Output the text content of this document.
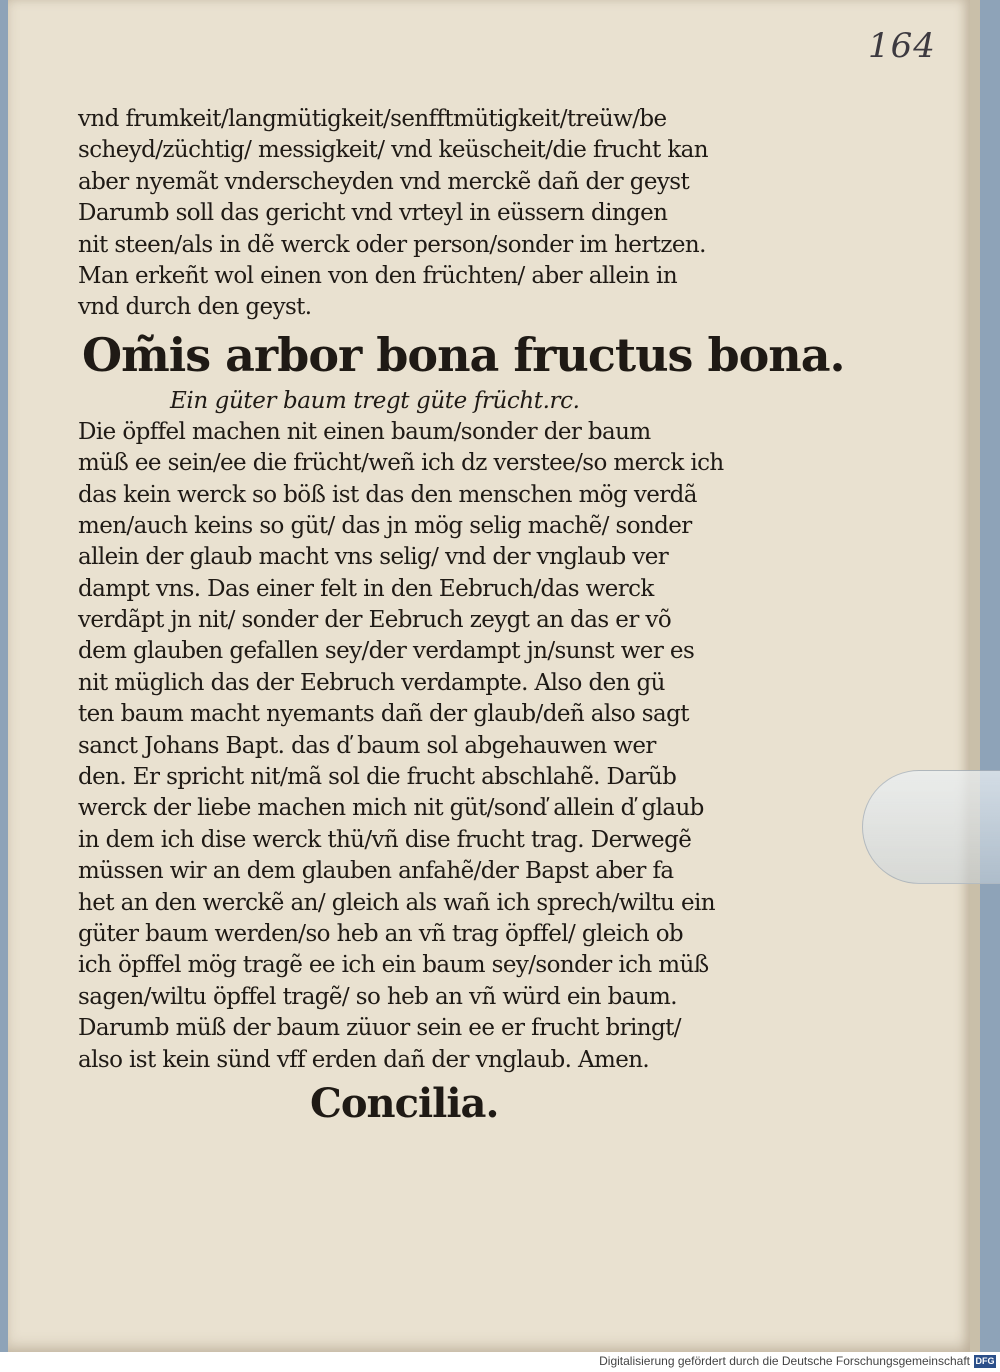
164
vnd frumkeit/langmütigkeit/senfftmütigkeit/treüw/be
scheyd/züchtig/ messigkeit/ vnd keüscheit/die frucht kan
aber nyemãt vnderscheyden vnd merckẽ dañ der geyst
Darumb soll das gericht vnd vrteyl in eüssern dingen
nit steen/als in dẽ werck oder person/sonder im hertzen.
Man erkeñt wol einen von den früchten/ aber allein in
vnd durch den geyst.
Om̃is arbor bona fructus bona.
Ein güter baum tregt güte frücht.rc.
Die öpffel machen nit einen baum/sonder der baum
müß ee sein/ee die frücht/weñ ich dz verstee/so merck ich
das kein werck so böß ist das den menschen mög verdã
men/auch keins so güt/ das jn mög selig machẽ/ sonder
allein der glaub macht vns selig/ vnd der vnglaub ver
dampt vns. Das einer felt in den Eebruch/das werck
verdãpt jn nit/ sonder der Eebruch zeygt an das er võ
dem glauben gefallen sey/der verdampt jn/sunst wer es
nit müglich das der Eebruch verdampte. Also den gü
ten baum macht nyemants dañ der glaub/deñ also sagt
sanct Johans Bapt. das ď baum sol abgehauwen wer
den. Er spricht nit/mã sol die frucht abschlahẽ. Darũb
werck der liebe machen mich nit güt/sonď allein ď glaub
in dem ich dise werck thü/vñ dise frucht trag. Derwegẽ
müssen wir an dem glauben anfahẽ/der Bapst aber fa
het an den werckẽ an/ gleich als wañ ich sprech/wiltu ein
güter baum werden/so heb an vñ trag öpffel/ gleich ob
ich öpffel mög tragẽ ee ich ein baum sey/sonder ich müß
sagen/wiltu öpffel tragẽ/ so heb an vñ würd ein baum.
Darumb müß der baum züuor sein ee er frucht bringt/
also ist kein sünd vff erden dañ der vnglaub. Amen.
Concilia.
Digitalisierung gefördert durch die Deutsche Forschungsgemeinschaft DFG
